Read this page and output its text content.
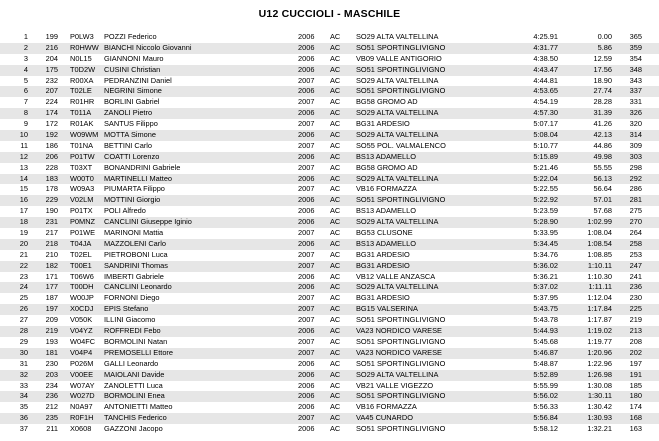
U12 CUCCIOLI - MASCHILE
1	199 P0LW3 POZZI Federico	2006 AC SO29 ALTA VALTELLINA	4:25.91	0.00	365
2	216 R0HWW BIANCHI Niccolo Giovanni	2006 AC SO51 SPORTINGLIVIGNO	4:31.77	5.86	359
3	204 N0L15 GIANNONI Mauro	2006 AC VB09 VALLE ANTIGORIO	4:38.50	12.59	354
4	175 T0D2W CUSINI Christian	2006 AC SO51 SPORTINGLIVIGNO	4:43.47	17.56	348
5	232 R00XA PEDRANZINI Daniel	2007 AC SO29 ALTA VALTELLINA	4:44.81	18.90	343
6	207 T02LE NEGRINI Simone	2006 AC SO51 SPORTINGLIVIGNO	4:53.65	27.74	337
7	224 R01HR BORLINI Gabriel	2007 AC BG58 GROMO AD	4:54.19	28.28	331
8	174 T011A ZANOLI Pietro	2006 AC SO29 ALTA VALTELLINA	4:57.30	31.39	326
9	172 R01AK SANTUS Filippo	2007 AC BG31 ARDESIO	5:07.17	41.26	320
10	192 W09WM MOTTA Simone	2006 AC SO29 ALTA VALTELLINA	5:08.04	42.13	314
11	186 T01NA BETTINI Carlo	2007 AC SO55 POL. VALMALENCO	5:10.77	44.86	309
12	206 P01TW COATTI Lorenzo	2006 AC BS13 ADAMELLO	5:15.89	49.98	303
13	228 T03XT BONANDRINI Gabriele	2007 AC BG58 GROMO AD	5:21.46	55.55	298
14	183 W00T0 MARTINELLI Matteo	2006 AC SO29 ALTA VALTELLINA	5:22.04	56.13	292
15	178 W09A3 PIUMARTA Filippo	2007 AC VB16 FORMAZZA	5:22.55	56.64	286
16	229 V02LM MOTTINI Giorgio	2006 AC SO51 SPORTINGLIVIGNO	5:22.92	57.01	281
17	190 P01TX POLI Alfredo	2006 AC BS13 ADAMELLO	5:23.59	57.68	275
18	231 P0MNZ CANCLINI Giuseppe Iginio	2006 AC SO29 ALTA VALTELLINA	5:28.90	1:02.99	270
19	217 P01WE MARINONI Mattia	2007 AC BG53 CLUSONE	5:33.95	1:08.04	264
20	218 T04JA MAZZOLENI Carlo	2006 AC BS13 ADAMELLO	5:34.45	1:08.54	258
21	210 T02EL PIETROBONI Luca	2007 AC BG31 ARDESIO	5:34.76	1:08.85	253
22	182 T00E1 SANDRINI Thomas	2007 AC BG31 ARDESIO	5:36.02	1:10.11	247
23	171 T06W6 IMBERTI Gabriele	2006 AC VB12 VALLE ANZASCA	5:36.21	1:10.30	241
24	177 T00DH CANCLINI Leonardo	2006 AC SO29 ALTA VALTELLINA	5:37.02	1:11.11	236
25	187 W00JP FORNONI Diego	2007 AC BG31 ARDESIO	5:37.95	1:12.04	230
26	197 X0CDJ EPIS Stefano	2007 AC BG15 VALSERINA	5:43.75	1:17.84	225
27	209 V050K ILLINI Giacomo	2007 AC SO51 SPORTINGLIVIGNO	5:43.78	1:17.87	219
28	219 V04YZ ROFFREDI Febo	2006 AC VA23 NORDICO VARESE	5:44.93	1:19.02	213
29	193 W04FC BORMOLINI Natan	2007 AC SO51 SPORTINGLIVIGNO	5:45.68	1:19.77	208
30	181 V04P4 PREMOSELLI Ettore	2007 AC VA23 NORDICO VARESE	5:46.87	1:20.96	202
31	230 P026M GALLI Leonardo	2006 AC SO51 SPORTINGLIVIGNO	5:48.87	1:22.96	197
32	203 V00EE MAIOLANI Davide	2006 AC SO29 ALTA VALTELLINA	5:52.89	1:26.98	191
33	234 W07AY ZANOLETTI Luca	2006 AC VB21 VALLE VIGEZZO	5:55.99	1:30.08	185
34	236 W027D BORMOLINI Enea	2006 AC SO51 SPORTINGLIVIGNO	5:56.02	1:30.11	180
35	212 N0A97 ANTONIETTI Matteo	2006 AC VB16 FORMAZZA	5:56.33	1:30.42	174
36	235 R0F1H TANCHIS Federico	2007 AC VA45 CUNARDO	5:56.84	1:30.93	168
37	211 X0608 GAZZONI Jacopo	2006 AC SO51 SPORTINGLIVIGNO	5:58.12	1:32.21	163
